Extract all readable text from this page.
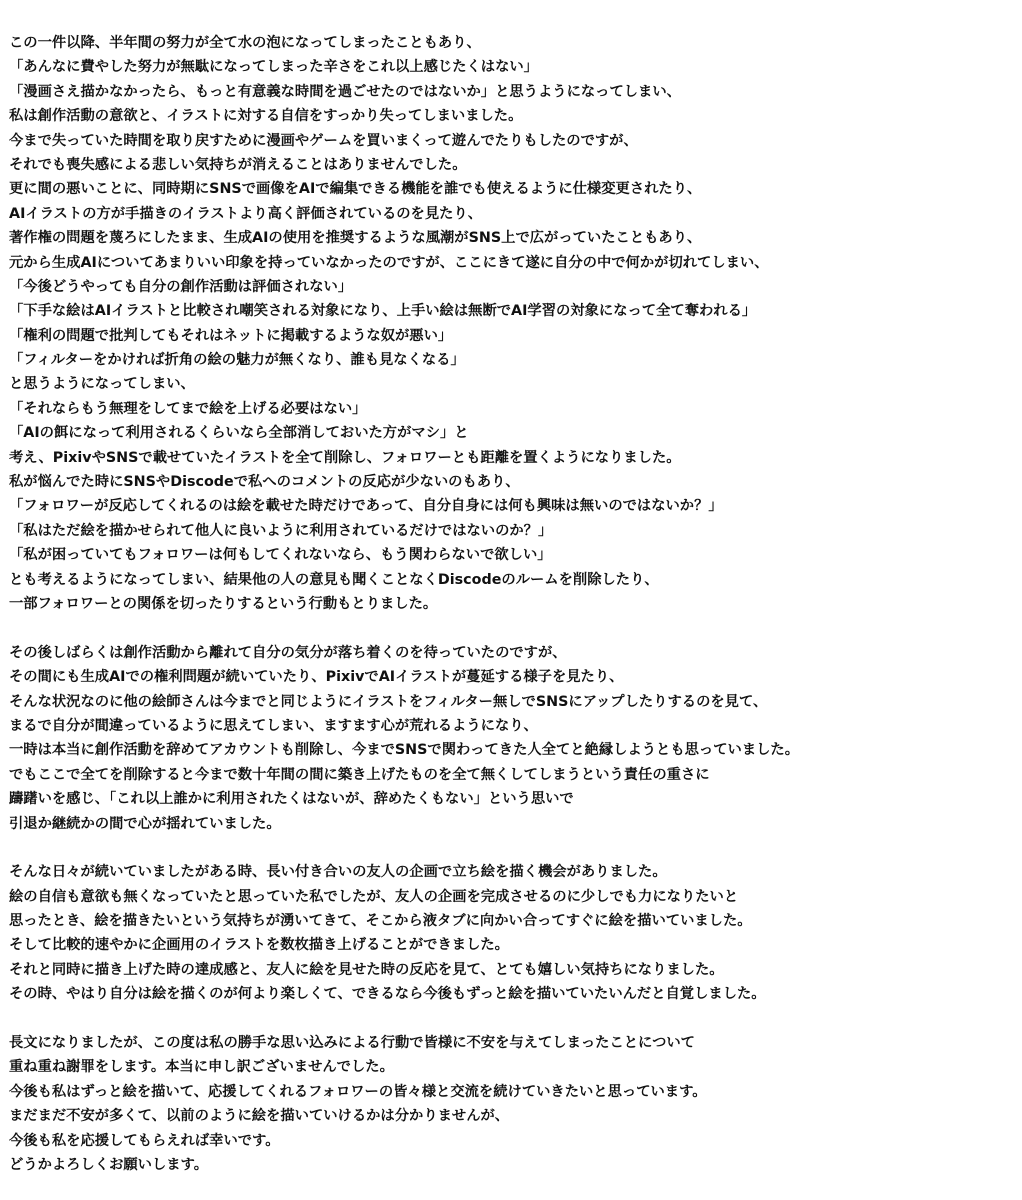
この一件以降、半年間の努力が全て水の泡になってしまったこともあり、
「あんなに費やした努力が無駄になってしまった辛さをこれ以上感じたくはない」
「漫画さえ描かなかったら、もっと有意義な時間を過ごせたのではないか」と思うようになってしまい、
私は創作活動の意欲と、イラストに対する自信をすっかり失ってしまいました。
今まで失っていた時間を取り戻すために漫画やゲームを買いまくって遊んでたりもしたのですが、
それでも喪失感による悲しい気持ちが消えることはありませんでした。
更に間の悪いことに、同時期にSNSで画像をAIで編集できる機能を誰でも使えるように仕様変更されたり、
AIイラストの方が手描きのイラストより高く評価されているのを見たり、
著作権の問題を蔑ろにしたまま、生成AIの使用を推奨するような風潮がSNS上で広がっていたこともあり、
元から生成AIについてあまりいい印象を持っていなかったのですが、ここにきて遂に自分の中で何かが切れてしまい、
「今後どうやっても自分の創作活動は評価されない」
「下手な絵はAIイラストと比較され嘲笑される対象になり、上手い絵は無断でAI学習の対象になって全て奪われる」
「権利の問題で批判してもそれはネットに掲載するような奴が悪い」
「フィルターをかければ折角の絵の魅力が無くなり、誰も見なくなる」
と思うようになってしまい、
「それならもう無理をしてまで絵を上げる必要はない」
「AIの餌になって利用されるくらいなら全部消しておいた方がマシ」と
考え、PixivやSNSで載せていたイラストを全て削除し、フォロワーとも距離を置くようになりました。
私が悩んでた時にSNSやDiscodeで私へのコメントの反応が少ないのもあり、
「フォロワーが反応してくれるのは絵を載せた時だけであって、自分自身には何も興味は無いのではないか？」
「私はただ絵を描かせられて他人に良いように利用されているだけではないのか？」
「私が困っていてもフォロワーは何もしてくれないなら、もう関わらないで欲しい」
とも考えるようになってしまい、結果他の人の意見も聞くことなくDiscodeのルームを削除したり、
一部フォロワーとの関係を切ったりするという行動もとりました。
その後しばらくは創作活動から離れて自分の気分が落ち着くのを待っていたのですが、
その間にも生成AIでの権利問題が続いていたり、PixivでAIイラストが蔓延する様子を見たり、
そんな状況なのに他の絵師さんは今までと同じようにイラストをフィルター無しでSNSにアップしたりするのを見て、
まるで自分が間違っているように思えてしまい、ますます心が荒れるようになり、
一時は本当に創作活動を辞めてアカウントも削除し、今までSNSで関わってきた人全てと絶縁しようとも思っていました。
でもここで全てを削除すると今まで数十年間の間に築き上げたものを全て無くしてしまうという責任の重さに
躊躇いを感じ、「これ以上誰かに利用されたくはないが、辞めたくもない」という思いで
引退か継続かの間で心が揺れていました。
そんな日々が続いていましたがある時、長い付き合いの友人の企画で立ち絵を描く機会がありました。
絵の自信も意欲も無くなっていたと思っていた私でしたが、友人の企画を完成させるのに少しでも力になりたいと
思ったとき、絵を描きたいという気持ちが湧いてきて、そこから液タブに向かい合ってすぐに絵を描いていました。
そして比較的速やかに企画用のイラストを数枚描き上げることができました。
それと同時に描き上げた時の達成感と、友人に絵を見せた時の反応を見て、とても嬉しい気持ちになりました。
その時、やはり自分は絵を描くのが何より楽しくて、できるなら今後もずっと絵を描いていたいんだと自覚しました。
長文になりましたが、この度は私の勝手な思い込みによる行動で皆様に不安を与えてしまったことについて
重ね重ね謝罪をします。本当に申し訳ございませんでした。
今後も私はずっと絵を描いて、応援してくれるフォロワーの皆々様と交流を続けていきたいと思っています。
まだまだ不安が多くて、以前のように絵を描いていけるかは分かりませんが、
今後も私を応援してもらえれば幸いです。
どうかよろしくお願いします。
